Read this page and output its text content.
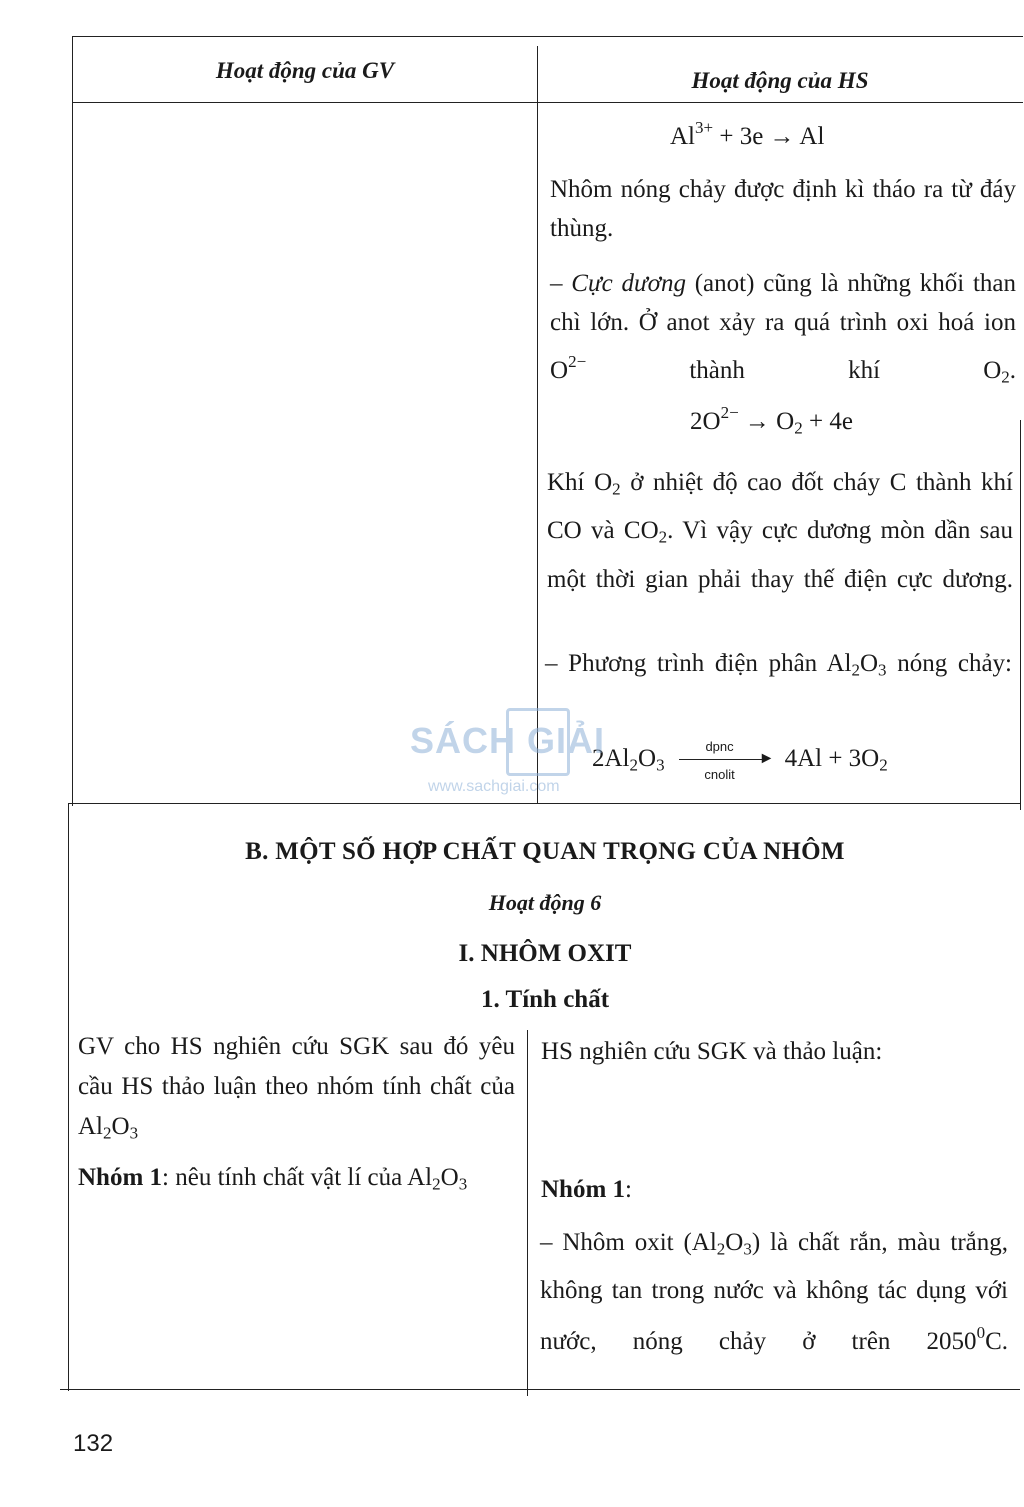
Hoạt động của GV	Hoạt động của HS
$Al^{3+} + 3e \to Al$
Nhôm nóng chảy được định kì tháo ra từ đáy thùng.
– Cực dương (anot) cũng là những khối than chì lớn. Ở anot xảy ra quá trình oxi hoá ion $O^{2-}$ thành khí $O_2$.
$2O^{2-} \to O_2 + 4e$
Khí $O_2$ ở nhiệt độ cao đốt cháy C thành khí CO và $CO_2$. Vì vậy cực dương mòn dần sau một thời gian phải thay thế điện cực dương.
– Phương trình điện phân $Al_2O_3$ nóng chảy:
$2Al_2O_3$
dpnc
►
cnolit
$4Al + 3O_2$
SÁCH GIẢI
www.sachgiai.com
B. MỘT SỐ HỢP CHẤT QUAN TRỌNG CỦA NHÔM
Hoạt động 6
I. NHÔM OXIT
1. Tính chất
GV cho HS nghiên cứu SGK sau đó yêu cầu HS thảo luận theo nhóm tính chất của $Al_2O_3$
Nhóm 1: nêu tính chất vật lí của $Al_2O_3$
HS nghiên cứu SGK và thảo luận:
Nhóm 1:
– Nhôm oxit $(Al_2O_3)$ là chất rắn, màu trắng, không tan trong nước và không tác dụng với nước, nóng chảy ở trên 2050$^0$C.
132
